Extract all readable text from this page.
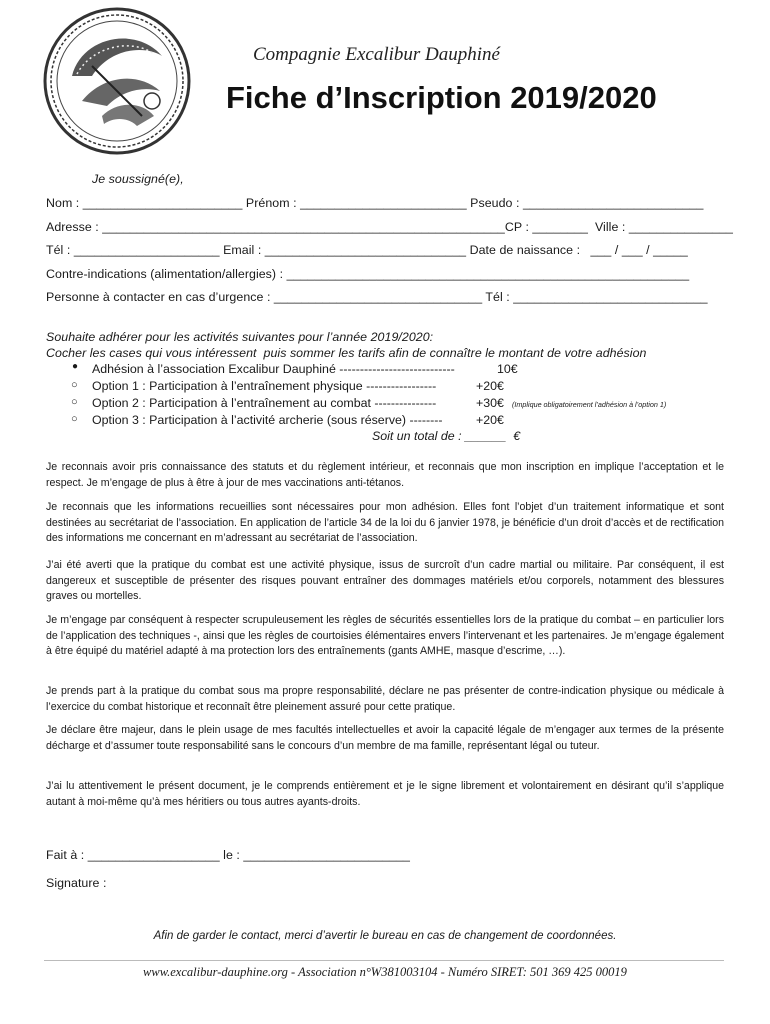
Compagnie Excalibur Dauphiné
Fiche d’Inscription 2019/2020
Je soussigné(e),
Nom : _______________________ Prénom : ________________________ Pseudo : __________________________
Adresse : __________________________________________________________CP : ________  Ville : _______________
Tél : _____________________ Email : _____________________________ Date de naissance :   ___ / ___ / _____
Contre-indications (alimentation/allergies) : __________________________________________________________
Personne à contacter en cas d’urgence : ______________________________ Tél : ____________________________
Souhaite adhérer pour les activités suivantes pour l’année 2019/2020:
Cocher les cases qui vous intéressent  puis sommer les tarifs afin de connaître le montant de votre adhésion
● Adhésion à l’association Excalibur Dauphiné ----------------------------	10€
○ Option 1 : Participation à l’entraînement physique -----------------	+20€
○ Option 2 : Participation à l’entraînement au combat ---------------	+30€ (Implique obligatoirement l’adhésion à l’option 1)
○ Option 3 : Participation à l’activité archerie (sous réserve) --------	+20€
Soit un total de : ______  €

Je reconnais avoir pris connaissance des statuts et du règlement intérieur, et reconnais que mon inscription en implique l’acceptation et le respect. Je m’engage de plus à être à jour de mes vaccinations anti-tétanos.

Je reconnais que les informations recueillies sont nécessaires pour mon adhésion. Elles font l’objet d’un traitement informatique et sont destinées au secrétariat de l’association. En application de l’article 34 de la loi du 6 janvier 1978, je bénéficie d’un droit d’accès et de rectification des informations me concernant en m’adressant au secrétariat de l’association.

J’ai été averti que la pratique du combat est une activité physique, issus de surcroît d’un cadre martial ou militaire. Par conséquent, il est dangereux et susceptible de présenter des risques pouvant entraîner des dommages matériels et/ou corporels, notamment des blessures graves ou mortelles.

Je m’engage par conséquent à respecter scrupuleusement les règles de sécurités essentielles lors de la pratique du combat – en particulier lors de l’application des techniques -, ainsi que les règles de courtoisies élémentaires envers l’intervenant et les partenaires. Je m’engage également à être équipé du matériel adapté à ma protection lors des entraînements (gants AMHE, masque d’escrime, …).

Je prends part à la pratique du combat sous ma propre responsabilité, déclare ne pas présenter de contre-indication physique ou médicale à l’exercice du combat historique et reconnaît être pleinement assuré pour cette pratique.

Je déclare être majeur, dans le plein usage de mes facultés intellectuelles et avoir la capacité légale de m’engager aux termes de la présente décharge et d’assumer toute responsabilité sans le concours d’un membre de ma famille, représentant légal ou tuteur.

J’ai lu attentivement le présent document, je le comprends entièrement et je le signe librement et volontairement en désirant qu’il s’applique autant à moi-même qu’à mes héritiers ou tous autres ayants-droits.

Fait à : ___________________ le : ________________________
Signature :
Afin de garder le contact, merci d’avertir le bureau en cas de changement de coordonnées.
www.excalibur-dauphine.org - Association n°W381003104 - Numéro SIRET: 501 369 425 00019
